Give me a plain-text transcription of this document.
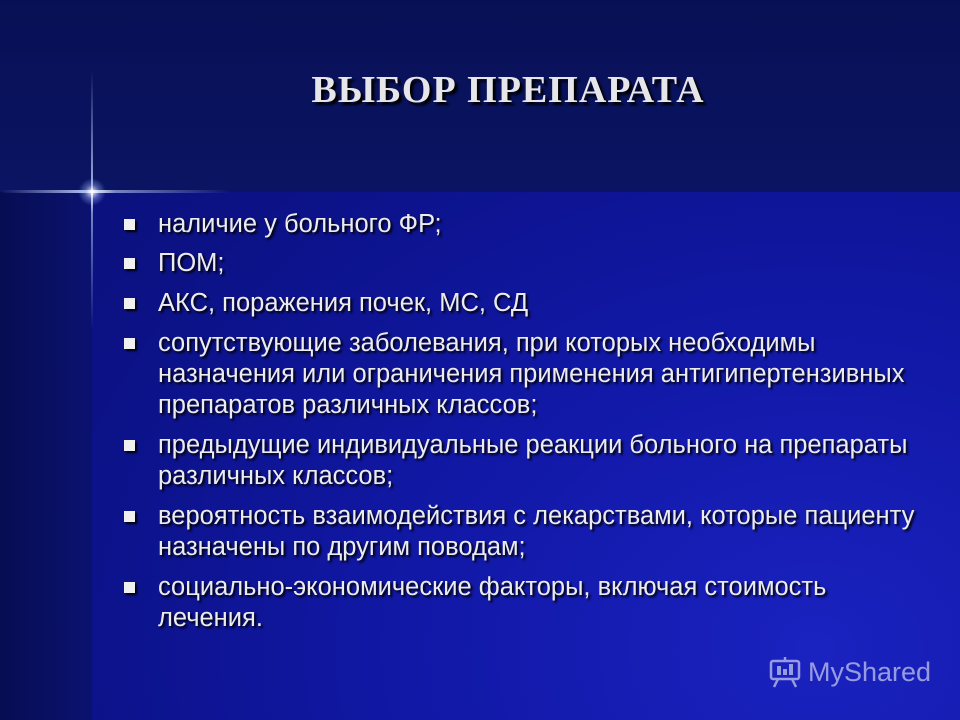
ВЫБОР ПРЕПАРАТА
наличие у больного ФР;
ПОМ;
АКС, поражения почек, МС, СД
сопутствующие заболевания, при которых необходимы назначения или ограничения применения антигипертензивных препаратов различных классов;
предыдущие индивидуальные реакции больного на препараты различных классов;
вероятность взаимодействия с лекарствами, которые пациенту назначены по другим поводам;
социально-экономические факторы, включая стоимость лечения.
MyShared
